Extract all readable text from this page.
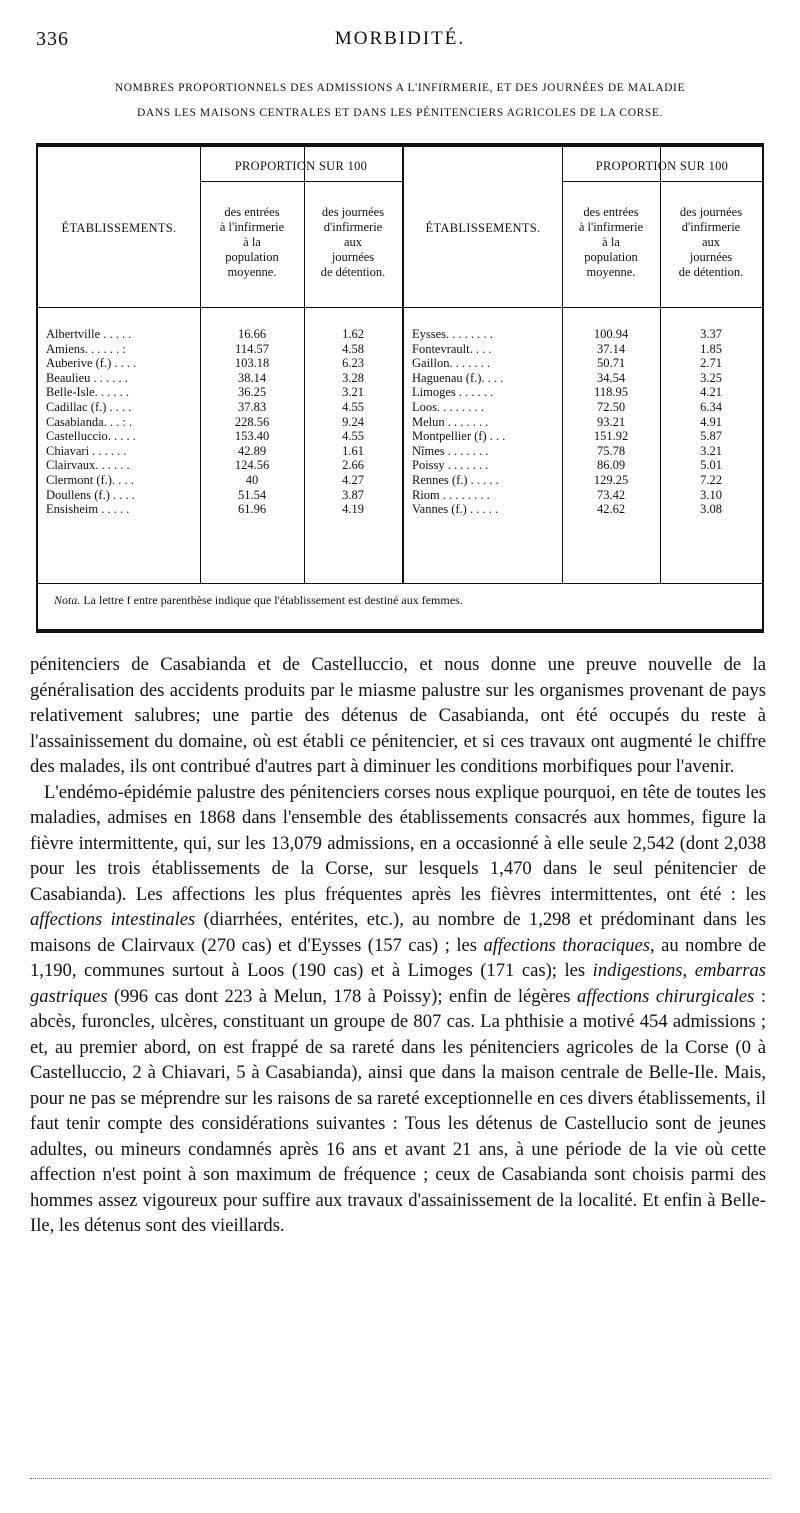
336	MORBIDITÉ.
NOMBRES PROPORTIONNELS DES ADMISSIONS A L'INFIRMERIE, ET DES JOURNÉES DE MALADIE
DANS LES MAISONS CENTRALES ET DANS LES PÉNITENCIERS AGRICOLES DE LA CORSE.
ÉTABLISSEMENTS.
PROPORTION SUR 100
des entrées
à l'infirmerie
à la
population
moyenne.
des journées
d'infirmerie
aux
journées
de détention.
ÉTABLISSEMENTS.
PROPORTION SUR 100
des entrées
à l'infirmerie
à la
population
moyenne.
des journées
d'infirmerie
aux
journées
de détention.
Albertville . . . . .	16.66	1.62
Amiens. . . . . . :	114.57	4.58
Auberive (f.) . . . .	103.18	6.23
Beaulieu . . . . . .	38.14	3.28
Belle-Isle. . . . . .	36.25	3.21
Cadillac (f.) . . . .	37.83	4.55
Casabianda. . . : .	228.56	9.24
Castelluccio. . . . .	153.40	4.55
Chiavari . . . . . .	42.89	1.61
Clairvaux. . . . . .	124.56	2.66
Clermont (f.). . . .	40	4.27
Doullens (f.) . . . .	51.54	3.87
Ensisheim . . . . .	61.96	4.19
Eysses. . . . . . . .	100.94	3.37
Fontevrault. . . .	37.14	1.85
Gaillon. . . . . . .	50.71	2.71
Haguenau (f.). . . .	34.54	3.25
Limoges . . . . . .	118.95	4.21
Loos. . . . . . . .	72.50	6.34
Melun . . . . . . .	93.21	4.91
Montpellier (f) . . .	151.92	5.87
Nîmes . . . . . . .	75.78	3.21
Poissy . . . . . . .	86.09	5.01
Rennes (f.) . . . . .	129.25	7.22
Riom . . . . . . . .	73.42	3.10
Vannes (f.) . . . . .	42.62	3.08
Nota. La lettre f entre parenthèse indique que l'établissement est destiné aux femmes.

pénitenciers de Casabianda et de Castelluccio, et nous donne une preuve nouvelle de la généralisation des accidents produits par le miasme palustre sur les organismes provenant de pays relativement salubres; une partie des détenus de Casabianda, ont été occupés du reste à l'assainissement du domaine, où est établi ce pénitencier, et si ces travaux ont augmenté le chiffre des malades, ils ont contribué d'autres part à diminuer les conditions morbifiques pour l'avenir.

L'endémo-épidémie palustre des pénitenciers corses nous explique pourquoi, en tête de toutes les maladies, admises en 1868 dans l'ensemble des établissements consacrés aux hommes, figure la fièvre intermittente, qui, sur les 13,079 admissions, en a occasionné à elle seule 2,542 (dont 2,038 pour les trois établissements de la Corse, sur lesquels 1,470 dans le seul pénitencier de Casabianda). Les affections les plus fréquentes après les fièvres intermittentes, ont été : les affections intestinales (diarrhées, entérites, etc.), au nombre de 1,298 et prédominant dans les maisons de Clairvaux (270 cas) et d'Eysses (157 cas) ; les affections thoraciques, au nombre de 1,190, communes surtout à Loos (190 cas) et à Limoges (171 cas); les indigestions, embarras gastriques (996 cas dont 223 à Melun, 178 à Poissy); enfin de légères affections chirurgicales : abcès, furoncles, ulcères, constituant un groupe de 807 cas. La phthisie a motivé 454 admissions ; et, au premier abord, on est frappé de sa rareté dans les pénitenciers agricoles de la Corse (0 à Castelluccio, 2 à Chiavari, 5 à Casabianda), ainsi que dans la maison centrale de Belle-Ile. Mais, pour ne pas se méprendre sur les raisons de sa rareté exceptionnelle en ces divers établissements, il faut tenir compte des considérations suivantes : Tous les détenus de Castellucio sont de jeunes adultes, ou mineurs condamnés après 16 ans et avant 21 ans, à une période de la vie où cette affection n'est point à son maximum de fréquence ; ceux de Casabianda sont choisis parmi des hommes assez vigoureux pour suffire aux travaux d'assainissement de la localité. Et enfin à Belle-Ile, les détenus sont des vieillards.
